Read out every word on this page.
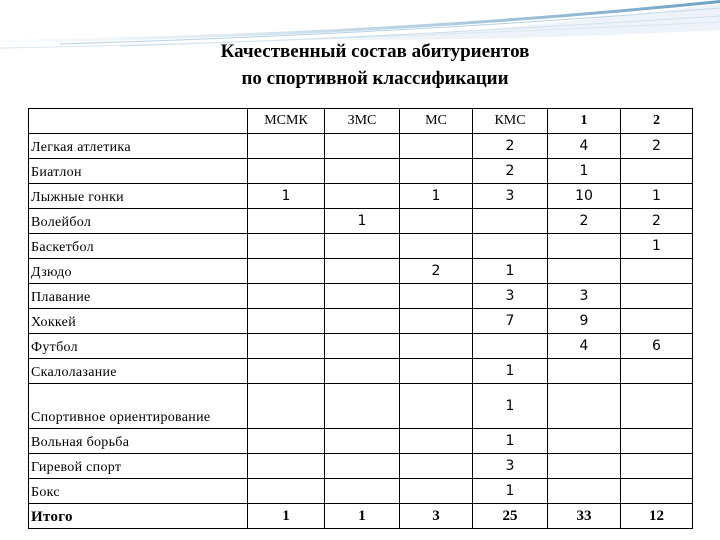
Качественный состав абитуриентов
по спортивной классификации
	МСМК	ЗМС	МС	КМС	1	2
Легкая атлетика				2	4	2
Биатлон				2	1	
Лыжные гонки	1		1	3	10	1
Волейбол		1			2	2
Баскетбол						1
Дзюдо			2	1		
Плавание				3	3	
Хоккей				7	9	
Футбол					4	6
Скалолазание				1		
Спортивное ориентирование				1		
Вольная борьба				1		
Гиревой спорт				3		
Бокс				1		
Итого	1	1	3	25	33	12
